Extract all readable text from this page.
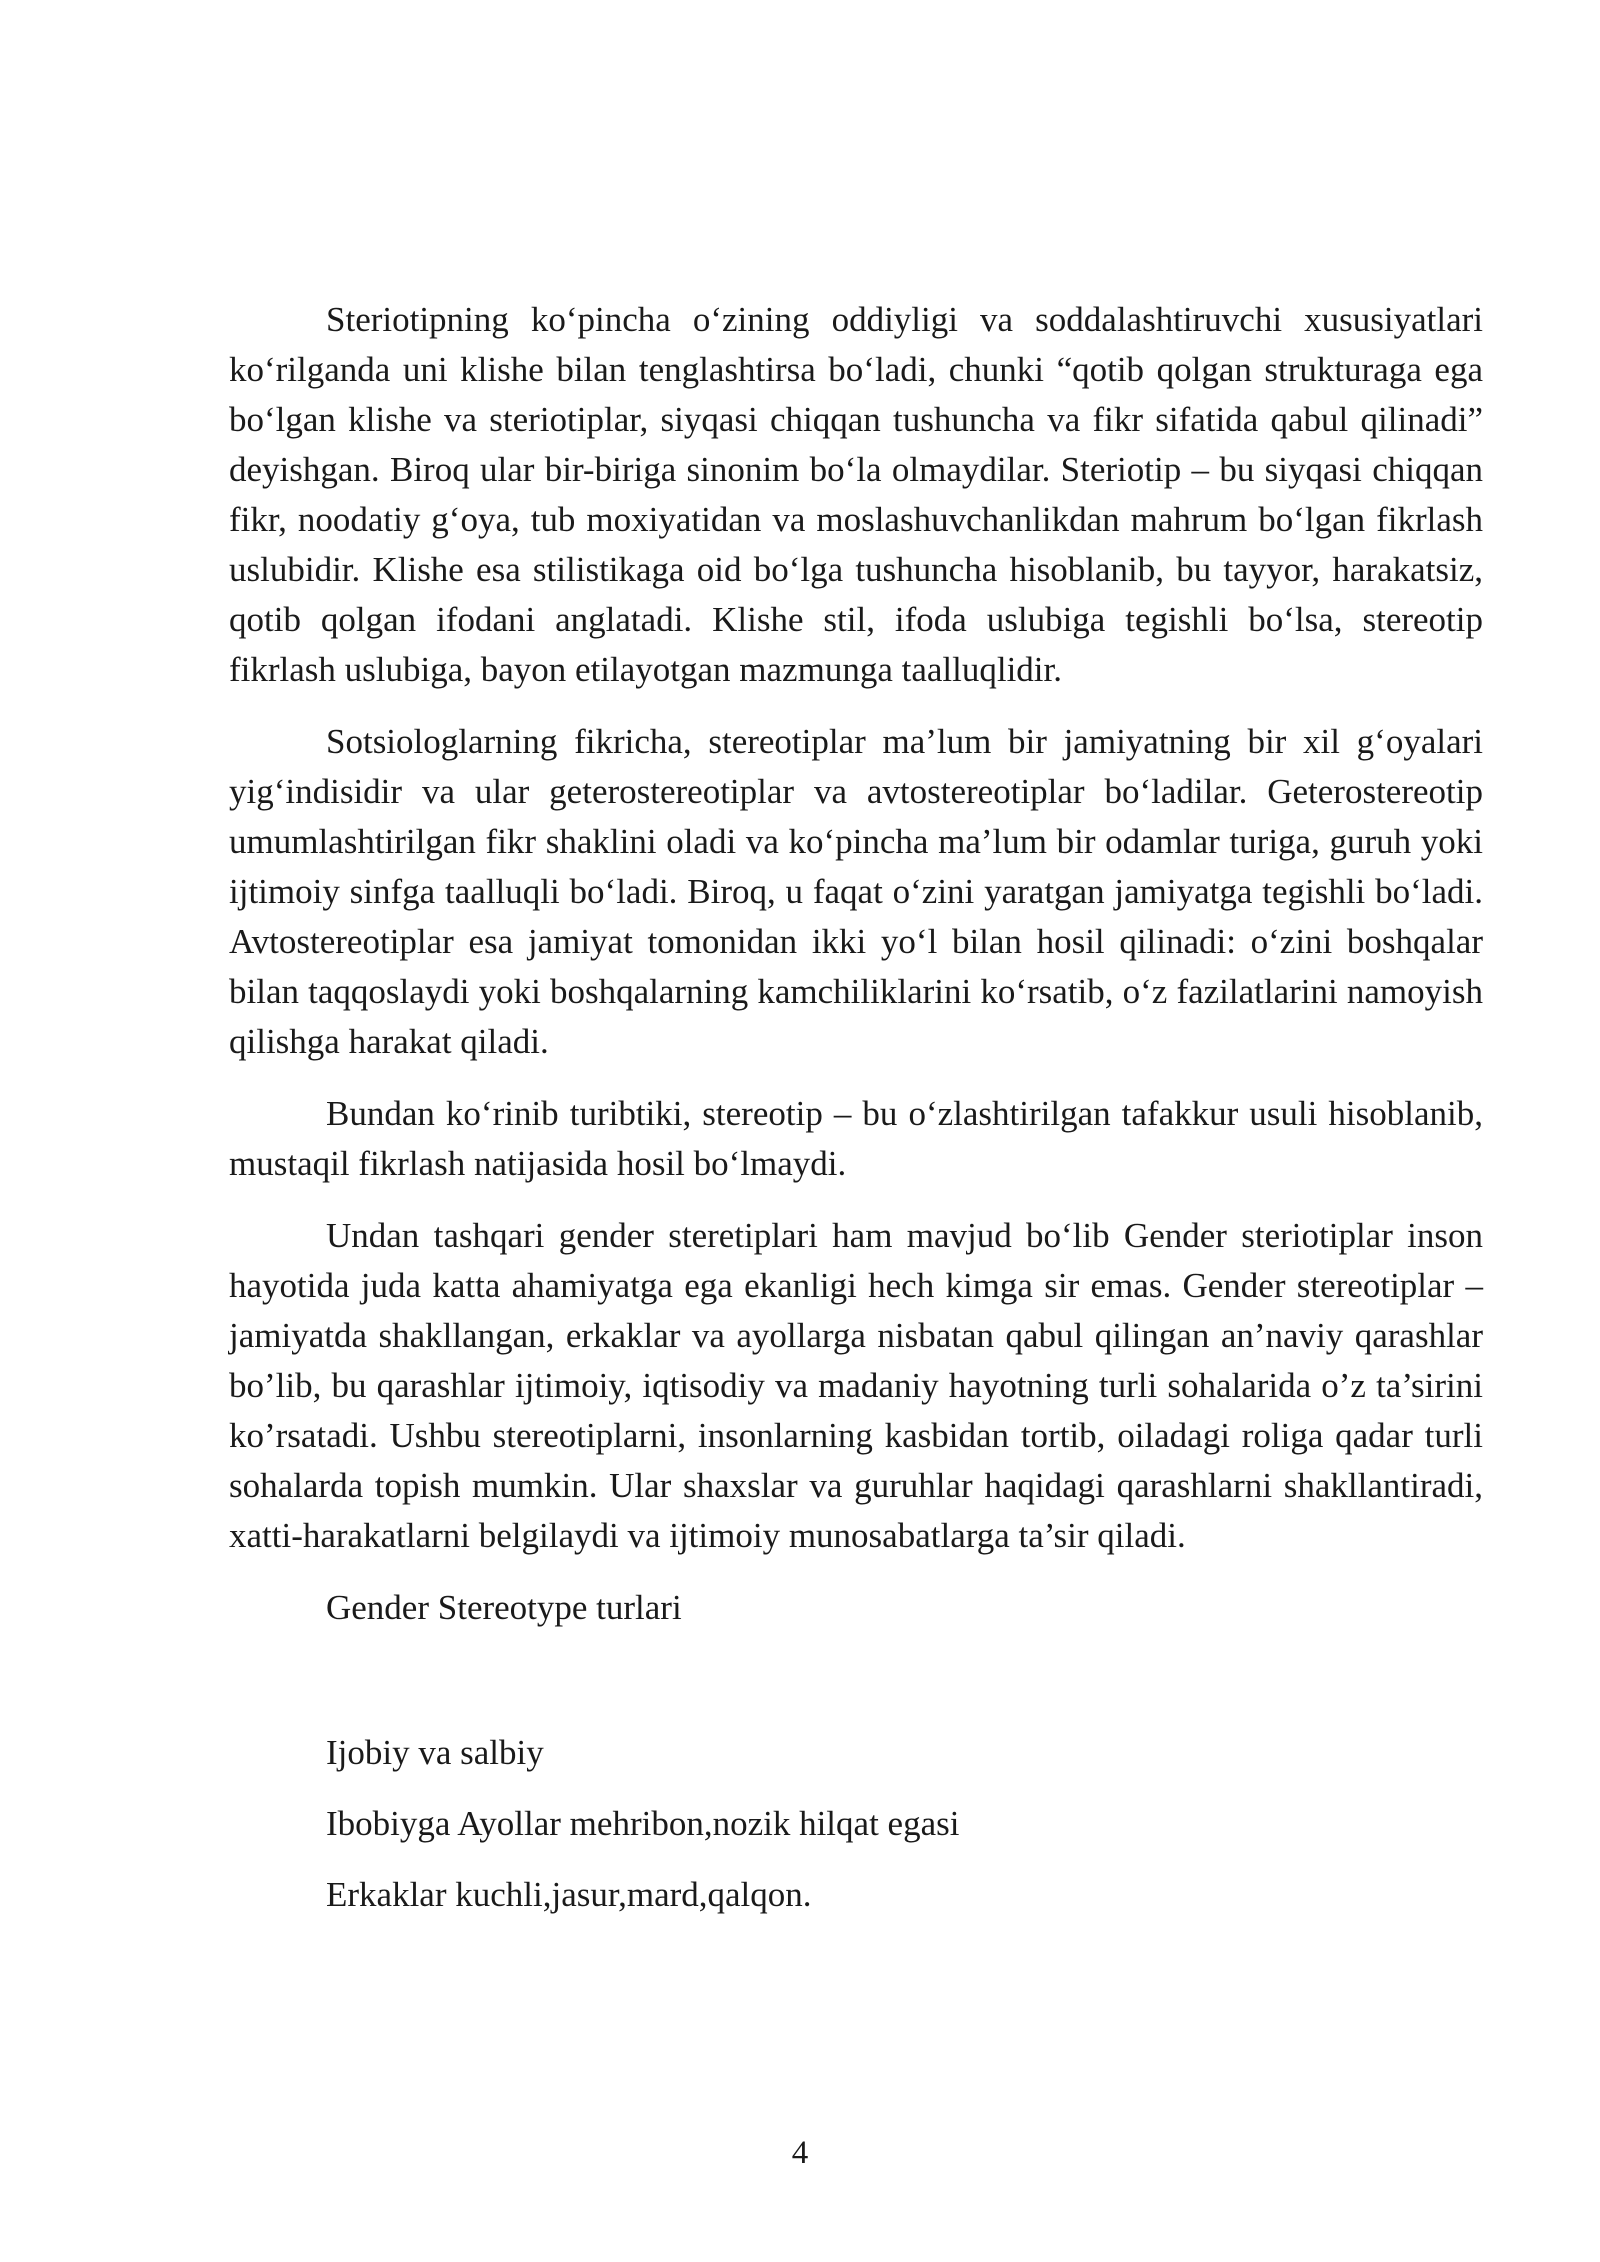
Steriotipning ko‘pincha o‘zining oddiyligi va soddalashtiruvchi xususiyatlari ko‘rilganda uni klishe bilan tenglashtirsa bo‘ladi, chunki “qotib qolgan strukturaga ega bo‘lgan klishe va steriotiplar, siyqasi chiqqan tushuncha va fikr sifatida qabul qilinadi” deyishgan. Biroq ular bir-biriga sinonim bo‘la olmaydilar. Steriotip – bu siyqasi chiqqan fikr, noodatiy g‘oya, tub moxiyatidan va moslashuvchanlikdan mahrum bo‘lgan fikrlash uslubidir. Klishe esa stilistikaga oid bo‘lga tushuncha hisoblanib, bu tayyor, harakatsiz, qotib qolgan ifodani anglatadi. Klishe stil, ifoda uslubiga tegishli bo‘lsa, stereotip fikrlash uslubiga, bayon etilayotgan mazmunga taalluqlidir.

Sotsiologlarning fikricha, stereotiplar ma’lum bir jamiyatning bir xil g‘oyalari yig‘indisidir va ular geterostereotiplar va avtostereotiplar bo‘ladilar. Geterostereotip umumlashtirilgan fikr shaklini oladi va ko‘pincha ma’lum bir odamlar turiga, guruh yoki ijtimoiy sinfga taalluqli bo‘ladi. Biroq, u faqat o‘zini yaratgan jamiyatga tegishli bo‘ladi. Avtostereotiplar esa jamiyat tomonidan ikki yo‘l bilan hosil qilinadi: o‘zini boshqalar bilan taqqoslaydi yoki boshqalarning kamchiliklarini ko‘rsatib, o‘z fazilatlarini namoyish qilishga harakat qiladi.

Bundan ko‘rinib turibtiki, stereotip – bu o‘zlashtirilgan tafakkur usuli hisoblanib, mustaqil fikrlash natijasida hosil bo‘lmaydi.

Undan tashqari gender steretiplari ham mavjud bo‘lib Gender steriotiplar inson hayotida juda katta ahamiyatga ega ekanligi hech kimga sir emas. Gender stereotiplar – jamiyatda shakllangan, erkaklar va ayollarga nisbatan qabul qilingan an’naviy qarashlar bo’lib, bu qarashlar ijtimoiy, iqtisodiy va madaniy hayotning turli sohalarida o’z ta’sirini ko’rsatadi. Ushbu stereotiplarni, insonlarning kasbidan tortib, oiladagi roliga qadar turli sohalarda topish mumkin. Ular shaxslar va guruhlar haqidagi qarashlarni shakllantiradi, xatti-harakatlarni belgilaydi va ijtimoiy munosabatlarga ta’sir qiladi.

Gender Stereotype turlari

Ijobiy va salbiy

Ibobiyga Ayollar mehribon,nozik hilqat egasi

Erkaklar kuchli,jasur,mard,qalqon.

4
